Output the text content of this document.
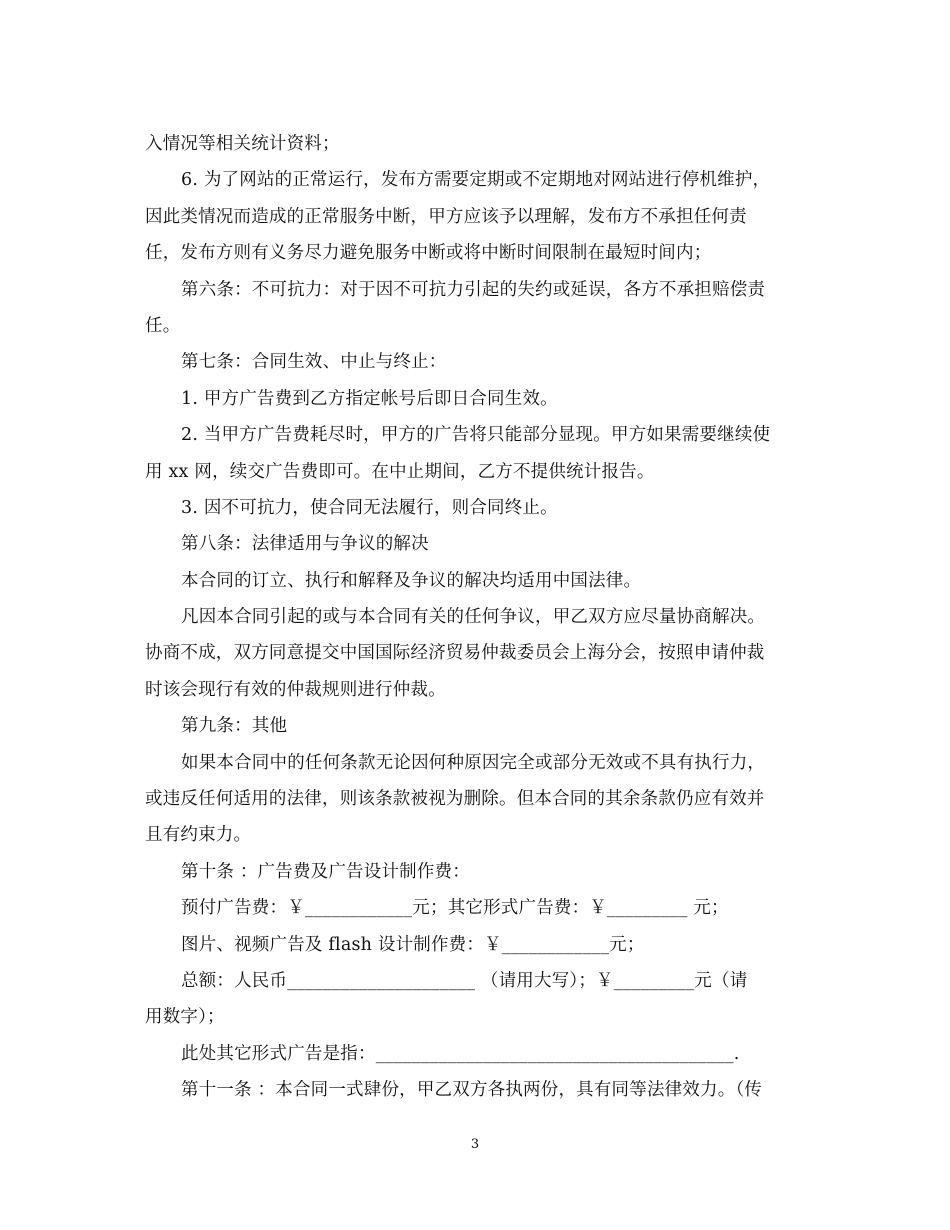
入情况等相关统计资料；
6. 为了网站的正常运行，发布方需要定期或不定期地对网站进行停机维护，
因此类情况而造成的正常服务中断，甲方应该予以理解，发布方不承担任何责
任，发布方则有义务尽力避免服务中断或将中断时间限制在最短时间内；
第六条：不可抗力：对于因不可抗力引起的失约或延误，各方不承担赔偿责
任。
第七条：合同生效、中止与终止：
1. 甲方广告费到乙方指定帐号后即日合同生效。
2. 当甲方广告费耗尽时，甲方的广告将只能部分显现。甲方如果需要继续使
用 xx 网，续交广告费即可。在中止期间，乙方不提供统计报告。
3. 因不可抗力，使合同无法履行，则合同终止。
第八条：法律适用与争议的解决
本合同的订立、执行和解释及争议的解决均适用中国法律。
凡因本合同引起的或与本合同有关的任何争议，甲乙双方应尽量协商解决。
协商不成，双方同意提交中国国际经济贸易仲裁委员会上海分会，按照申请仲裁
时该会现行有效的仲裁规则进行仲裁。
第九条：其他
如果本合同中的任何条款无论因何种原因完全或部分无效或不具有执行力，
或违反任何适用的法律，则该条款被视为删除。但本合同的其余条款仍应有效并
且有约束力。
第十条 ：广告费及广告设计制作费：
预付广告费：￥____________元；其它形式广告费：￥_________ 元；
图片、视频广告及 flash 设计制作费：￥____________元；
总额：人民币_____________________ （请用大写）；￥_________元（请
用数字）；
此处其它形式广告是指：________________________________________.
第十一条 ：本合同一式肆份，甲乙双方各执两份，具有同等法律效力。（传
3
